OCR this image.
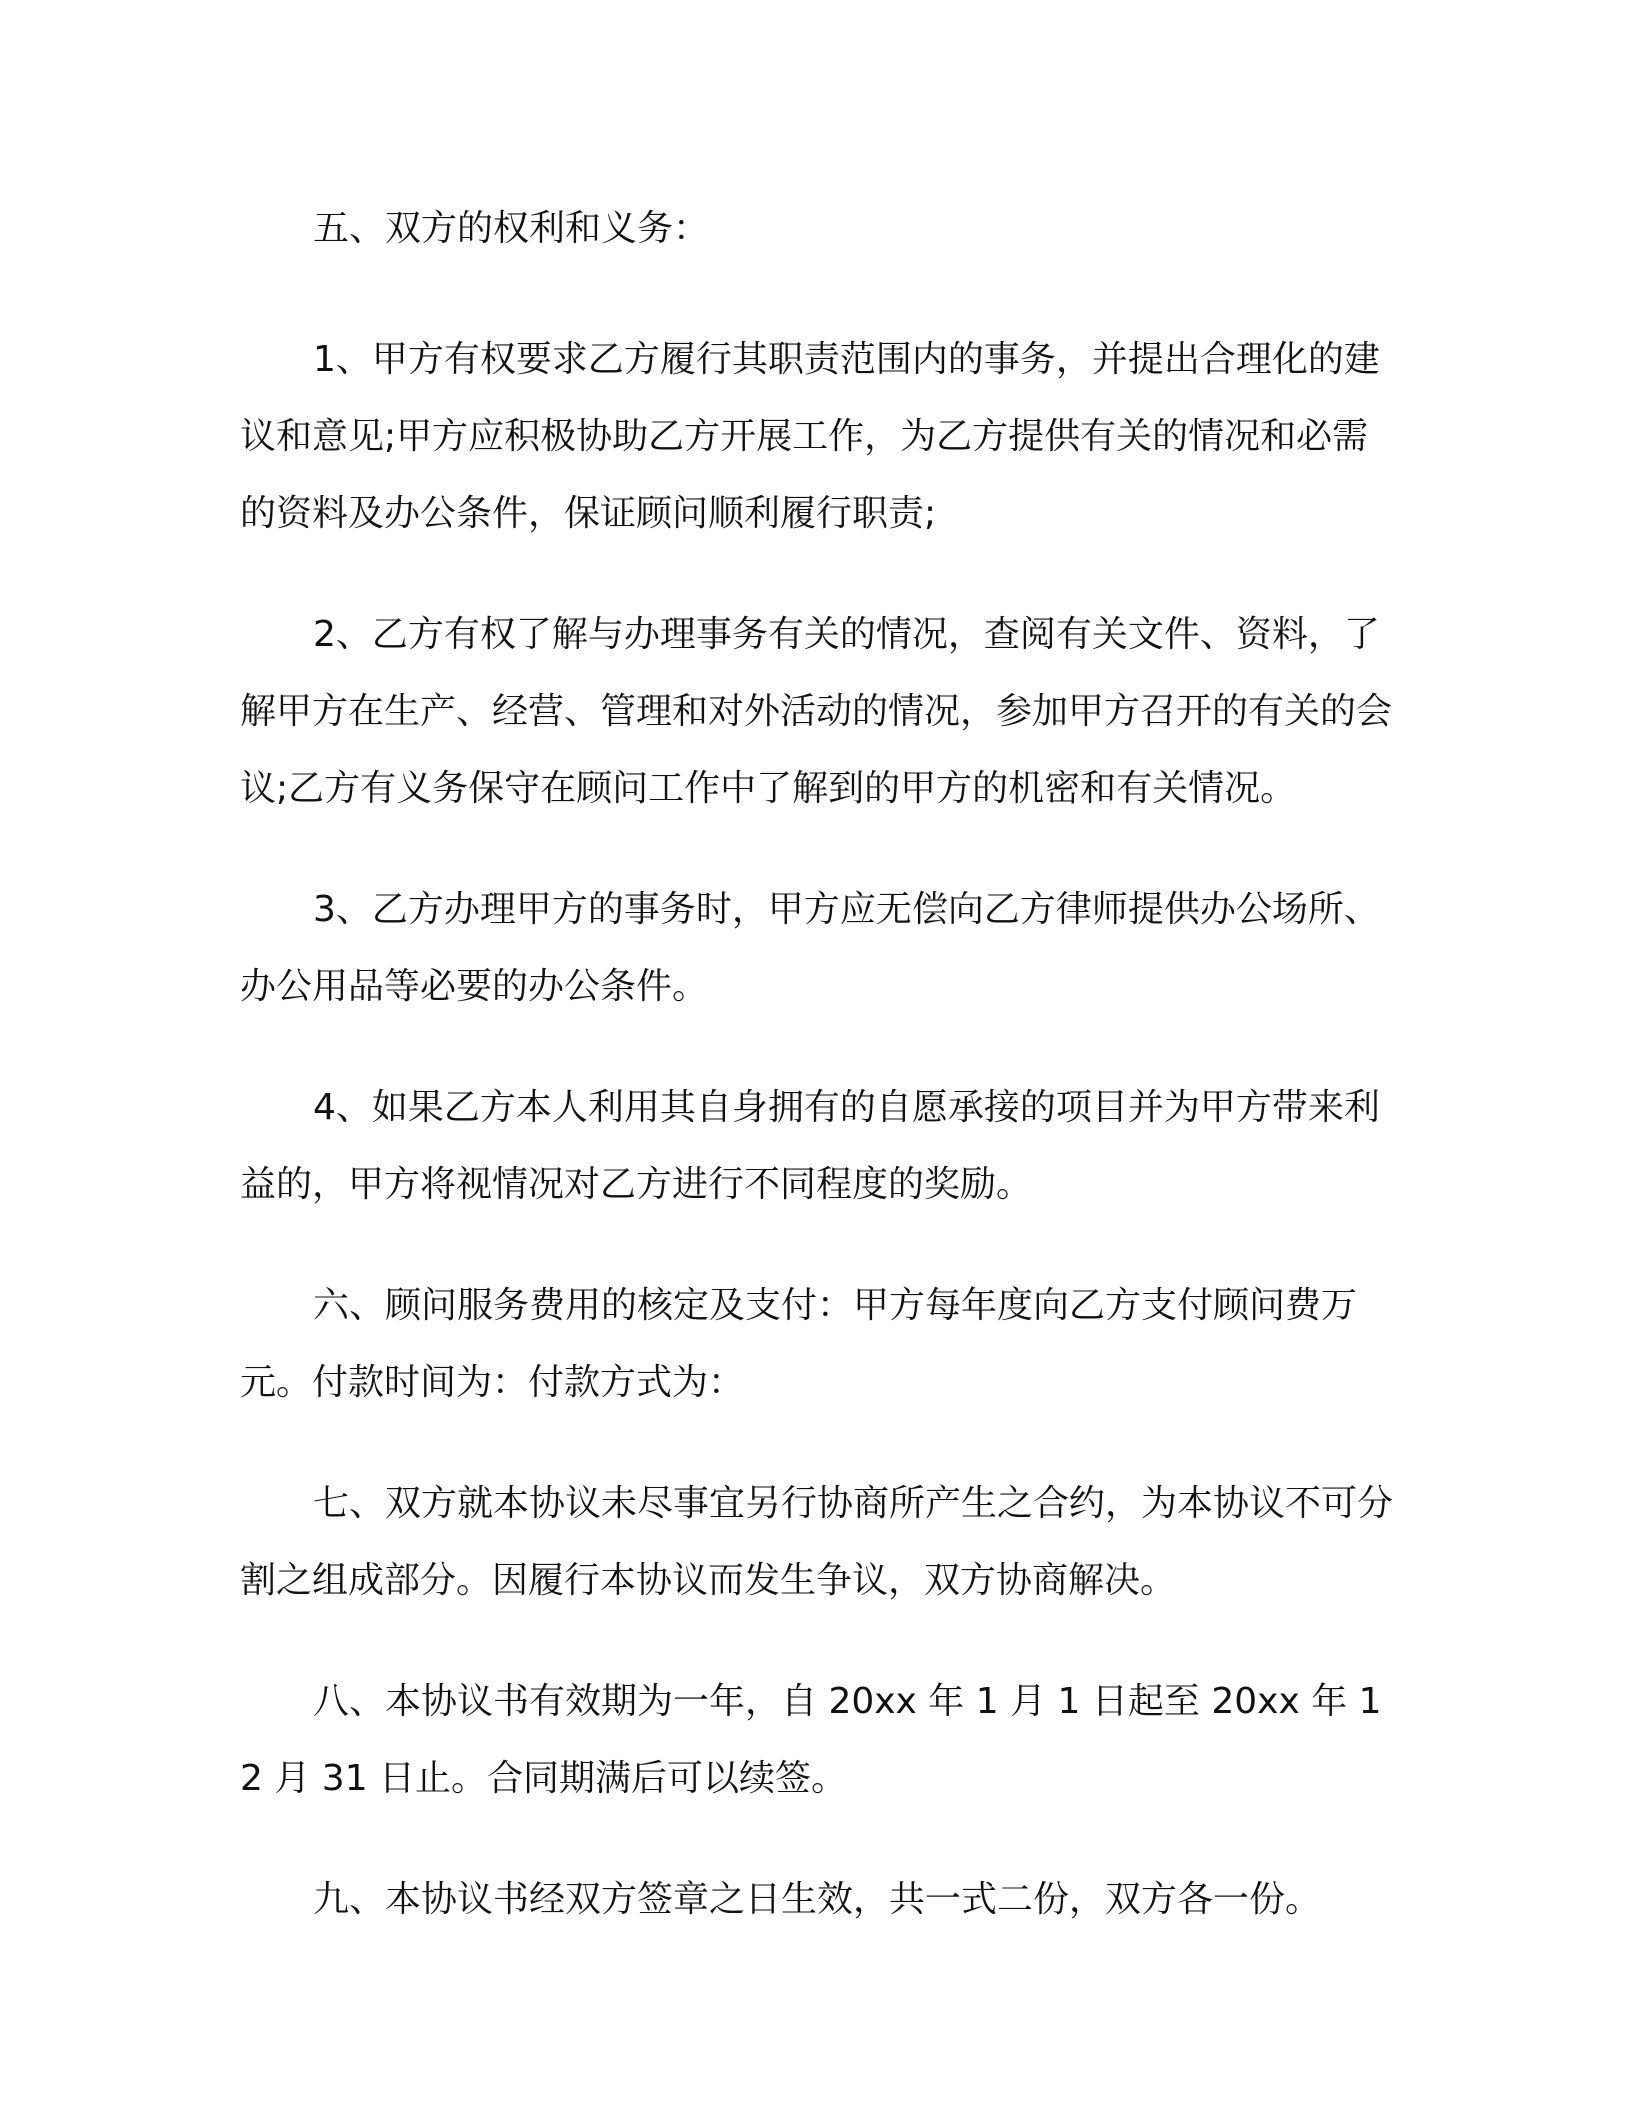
五、双方的权利和义务：

1、甲方有权要求乙方履行其职责范围内的事务，并提出合理化的建议和意见;甲方应积极协助乙方开展工作，为乙方提供有关的情况和必需的资料及办公条件，保证顾问顺利履行职责;

2、乙方有权了解与办理事务有关的情况，查阅有关文件、资料，了解甲方在生产、经营、管理和对外活动的情况，参加甲方召开的有关的会议;乙方有义务保守在顾问工作中了解到的甲方的机密和有关情况。

3、乙方办理甲方的事务时，甲方应无偿向乙方律师提供办公场所、办公用品等必要的办公条件。

4、如果乙方本人利用其自身拥有的自愿承接的项目并为甲方带来利益的，甲方将视情况对乙方进行不同程度的奖励。

六、顾问服务费用的核定及支付：甲方每年度向乙方支付顾问费万元。付款时间为：付款方式为：

七、双方就本协议未尽事宜另行协商所产生之合约，为本协议不可分割之组成部分。因履行本协议而发生争议，双方协商解决。

八、本协议书有效期为一年，自 20xx 年 1 月 1 日起至 20xx 年 12 月 31 日止。合同期满后可以续签。

九、本协议书经双方签章之日生效，共一式二份，双方各一份。
